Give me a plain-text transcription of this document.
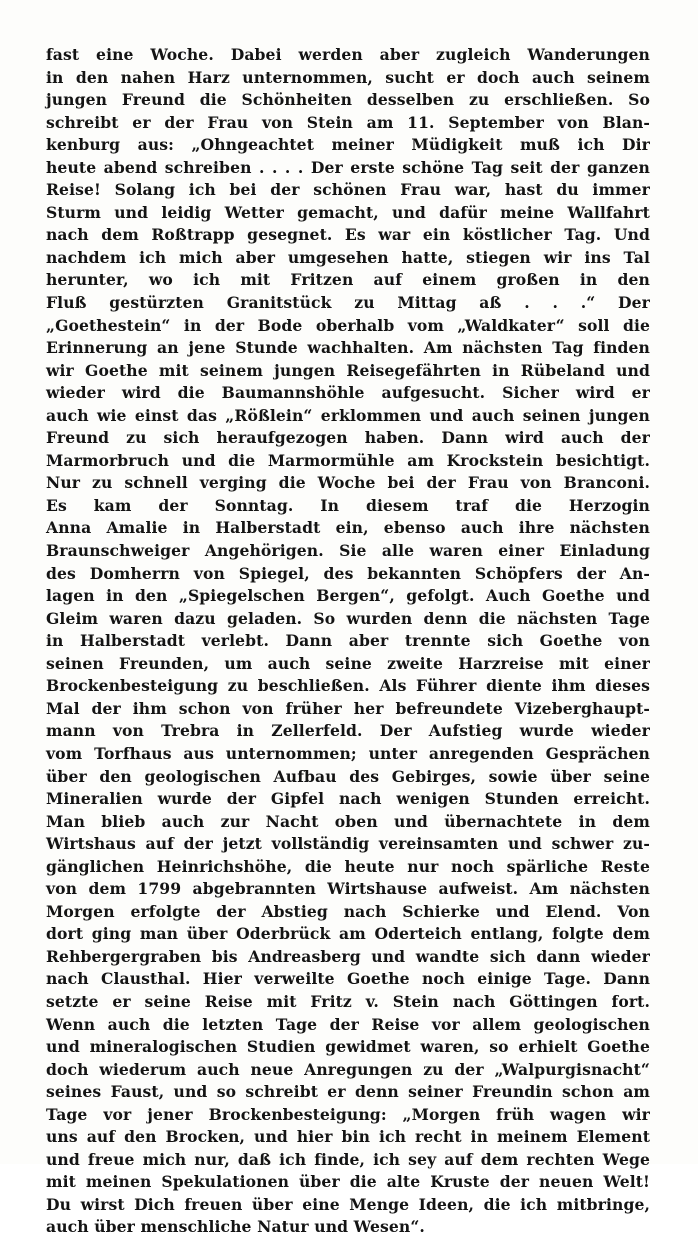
fast eine Woche. Dabei werden aber zugleich Wanderungen
in den nahen Harz unternommen, sucht er doch auch seinem
jungen Freund die Schönheiten desselben zu erschließen. So
schreibt er der Frau von Stein am 11. September von Blan-
kenburg aus: „Ohngeachtet meiner Müdigkeit muß ich Dir
heute abend schreiben . . . . Der erste schöne Tag seit der ganzen
Reise! Solang ich bei der schönen Frau war, hast du immer
Sturm und leidig Wetter gemacht, und dafür meine Wallfahrt
nach dem Roßtrapp gesegnet. Es war ein köstlicher Tag. Und
nachdem ich mich aber umgesehen hatte, stiegen wir ins Tal
herunter, wo ich mit Fritzen auf einem großen in den
Fluß gestürzten Granitstück zu Mittag aß . . .“ Der
„Goethestein“ in der Bode oberhalb vom „Waldkater“ soll die
Erinnerung an jene Stunde wachhalten. Am nächsten Tag finden
wir Goethe mit seinem jungen Reisegefährten in Rübeland und
wieder wird die Baumannshöhle aufgesucht. Sicher wird er
auch wie einst das „Rößlein“ erklommen und auch seinen jungen
Freund zu sich heraufgezogen haben. Dann wird auch der
Marmorbruch und die Marmormühle am Krockstein besichtigt.
Nur zu schnell verging die Woche bei der Frau von Branconi.
Es kam der Sonntag. In diesem traf die Herzogin
Anna Amalie in Halberstadt ein, ebenso auch ihre nächsten
Braunschweiger Angehörigen. Sie alle waren einer Einladung
des Domherrn von Spiegel, des bekannten Schöpfers der An-
lagen in den „Spiegelschen Bergen“, gefolgt. Auch Goethe und
Gleim waren dazu geladen. So wurden denn die nächsten Tage
in Halberstadt verlebt. Dann aber trennte sich Goethe von
seinen Freunden, um auch seine zweite Harzreise mit einer
Brockenbesteigung zu beschließen. Als Führer diente ihm dieses
Mal der ihm schon von früher her befreundete Vizeberghaupt-
mann von Trebra in Zellerfeld. Der Aufstieg wurde wieder
vom Torfhaus aus unternommen; unter anregenden Gesprächen
über den geologischen Aufbau des Gebirges, sowie über seine
Mineralien wurde der Gipfel nach wenigen Stunden erreicht.
Man blieb auch zur Nacht oben und übernachtete in dem
Wirtshaus auf der jetzt vollständig vereinsamten und schwer zu-
gänglichen Heinrichshöhe, die heute nur noch spärliche Reste
von dem 1799 abgebrannten Wirtshause aufweist. Am nächsten
Morgen erfolgte der Abstieg nach Schierke und Elend. Von
dort ging man über Oderbrück am Oderteich entlang, folgte dem
Rehbergergraben bis Andreasberg und wandte sich dann wieder
nach Clausthal. Hier verweilte Goethe noch einige Tage. Dann
setzte er seine Reise mit Fritz v. Stein nach Göttingen fort.
Wenn auch die letzten Tage der Reise vor allem geologischen
und mineralogischen Studien gewidmet waren, so erhielt Goethe
doch wiederum auch neue Anregungen zu der „Walpurgisnacht“
seines Faust, und so schreibt er denn seiner Freundin schon am
Tage vor jener Brockenbesteigung: „Morgen früh wagen wir
uns auf den Brocken, und hier bin ich recht in meinem Element
und freue mich nur, daß ich finde, ich sey auf dem rechten Wege
mit meinen Spekulationen über die alte Kruste der neuen Welt!
Du wirst Dich freuen über eine Menge Ideen, die ich mitbringe,
auch über menschliche Natur und Wesen“.
